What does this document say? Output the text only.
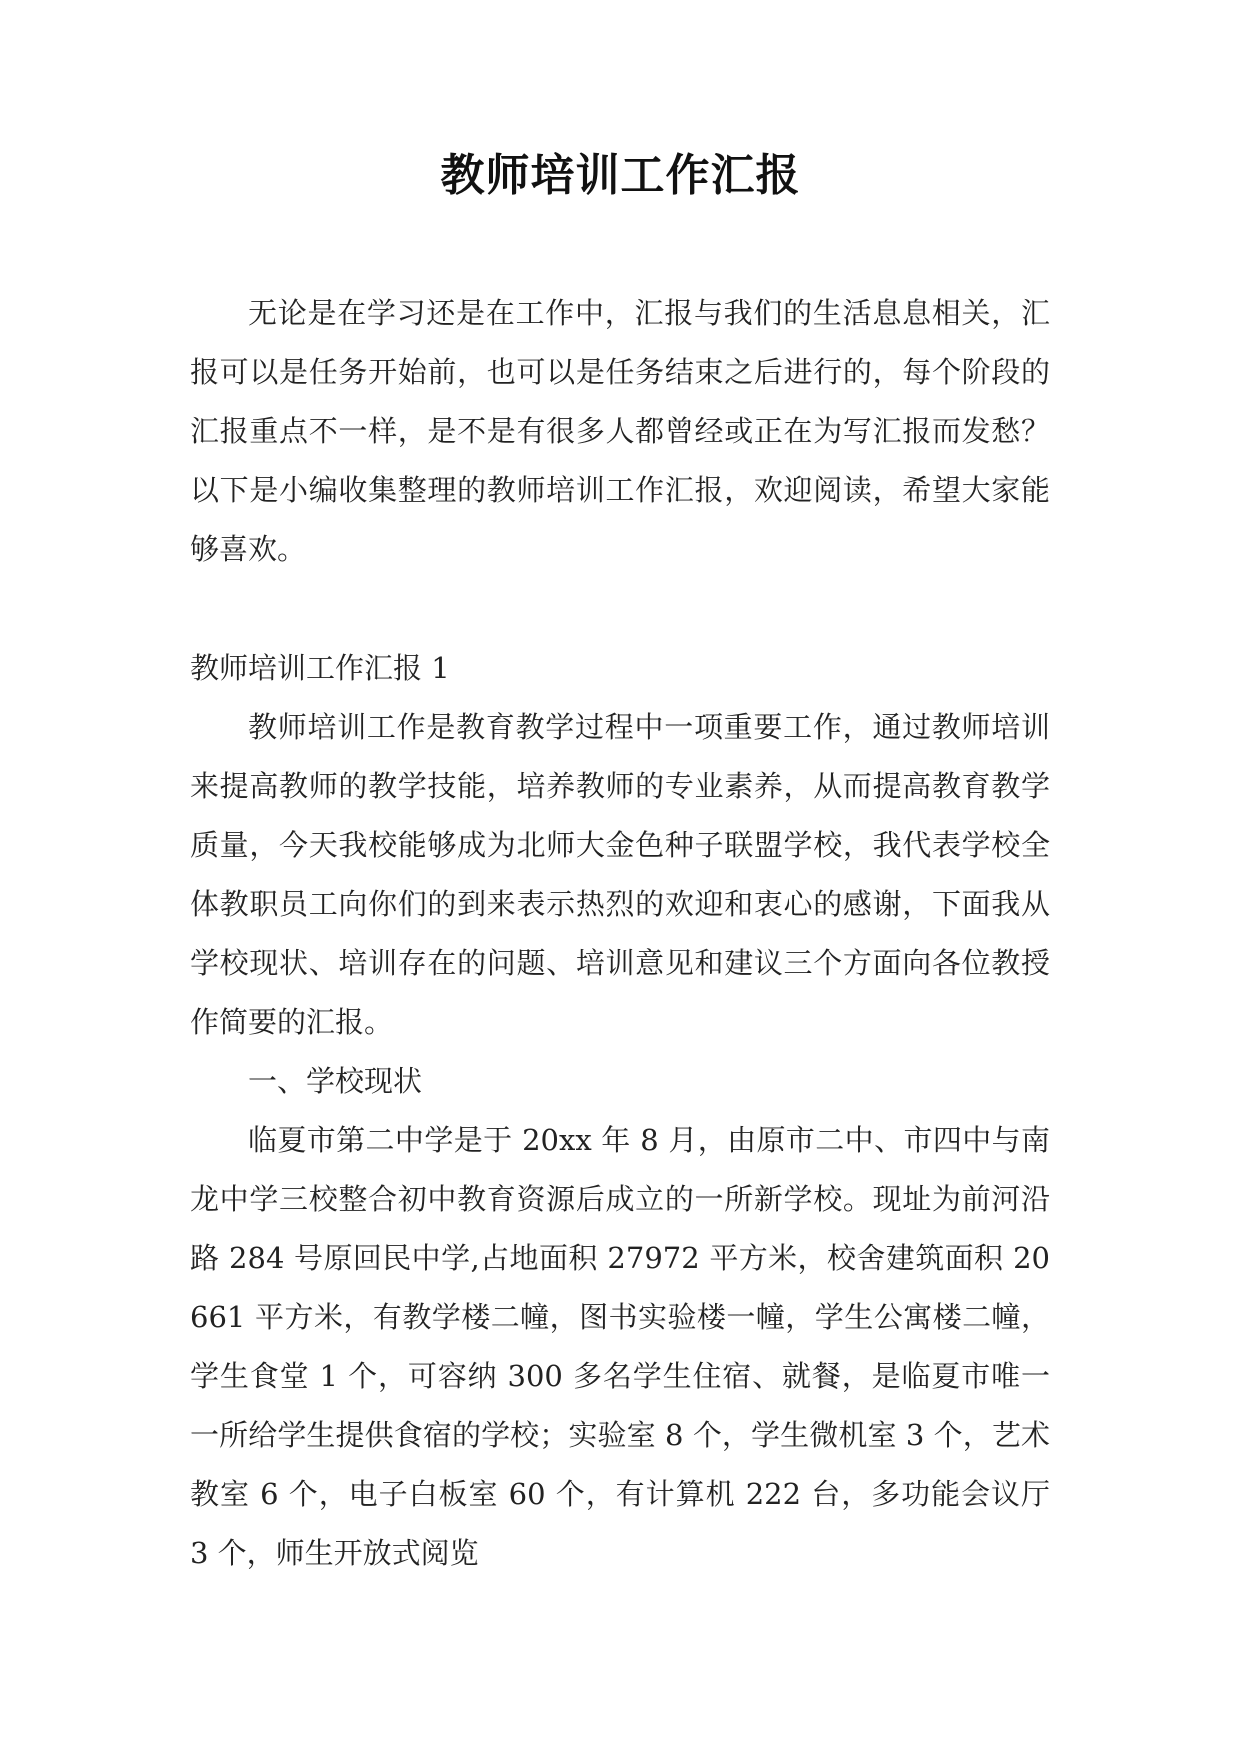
教师培训工作汇报

无论是在学习还是在工作中，汇报与我们的生活息息相关，汇报可以是任务开始前，也可以是任务结束之后进行的，每个阶段的汇报重点不一样，是不是有很多人都曾经或正在为写汇报而发愁？以下是小编收集整理的教师培训工作汇报，欢迎阅读，希望大家能够喜欢。

教师培训工作汇报 1

教师培训工作是教育教学过程中一项重要工作，通过教师培训来提高教师的教学技能，培养教师的专业素养，从而提高教育教学质量，今天我校能够成为北师大金色种子联盟学校，我代表学校全体教职员工向你们的到来表示热烈的欢迎和衷心的感谢，下面我从学校现状、培训存在的问题、培训意见和建议三个方面向各位教授作简要的汇报。

一、学校现状

临夏市第二中学是于 20xx 年 8 月，由原市二中、市四中与南龙中学三校整合初中教育资源后成立的一所新学校。现址为前河沿路 284 号原回民中学,占地面积 27972 平方米，校舍建筑面积 20661 平方米，有教学楼二幢，图书实验楼一幢，学生公寓楼二幢，学生食堂 1 个，可容纳 300 多名学生住宿、就餐，是临夏市唯一一所给学生提供食宿的学校；实验室 8 个，学生微机室 3 个，艺术教室 6 个，电子白板室 60 个，有计算机 222 台，多功能会议厅 3 个，师生开放式阅览
